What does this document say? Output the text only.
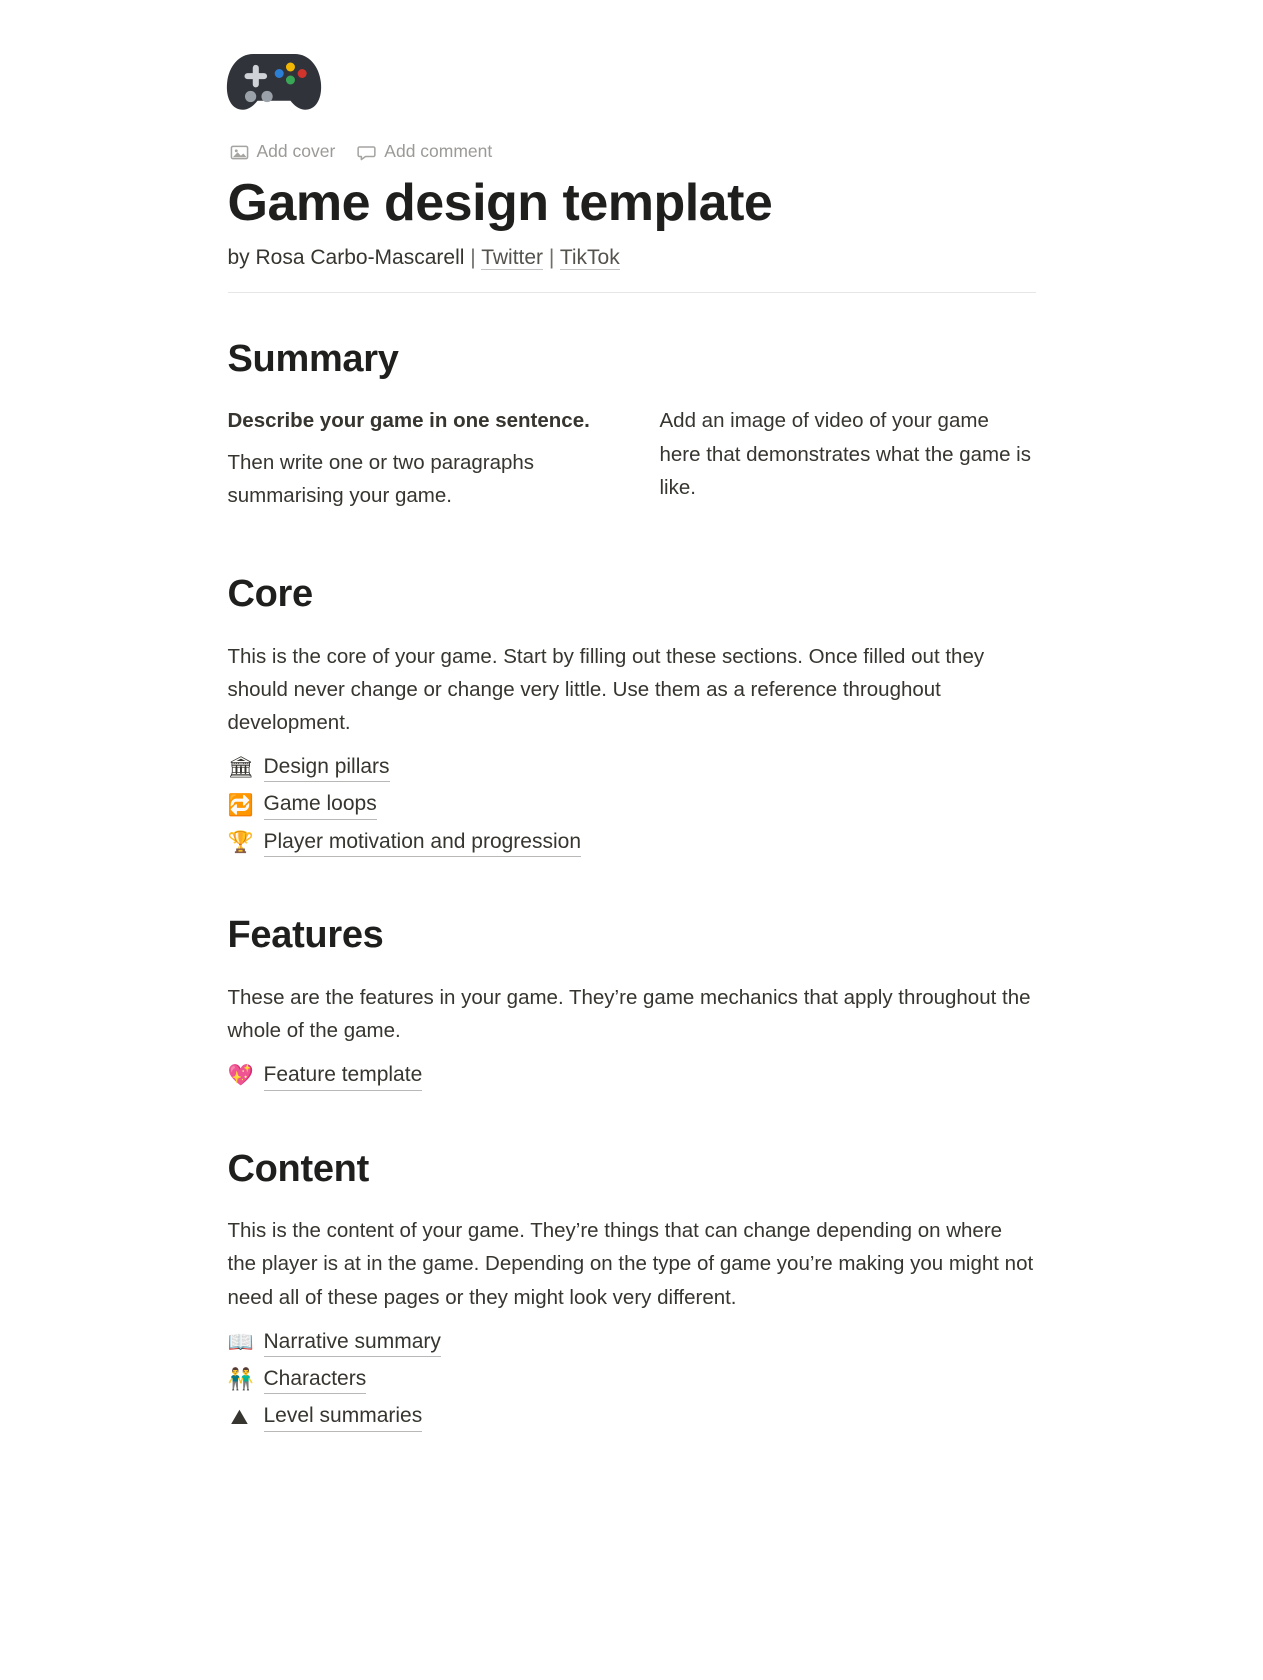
Add cover	Add comment
Game design template

by Rosa Carbo-Mascarell | Twitter | TikTok

Summary

Describe your game in one sentence.

Then write one or two paragraphs summarising your game.

Add an image of video of your game here that demonstrates what the game is like.

Core

This is the core of your game. Start by filling out these sections. Once filled out they should never change or change very little. Use them as a reference throughout development.

🏛 Design pillars
🔁 Game loops
🏆 Player motivation and progression
Features

These are the features in your game. They’re game mechanics that apply throughout the whole of the game.

💖 Feature template
Content

This is the content of your game. They’re things that can change depending on where the player is at in the game. Depending on the type of game you’re making you might not need all of these pages or they might look very different.

📖 Narrative summary
👬 Characters
⛰ Level summaries
